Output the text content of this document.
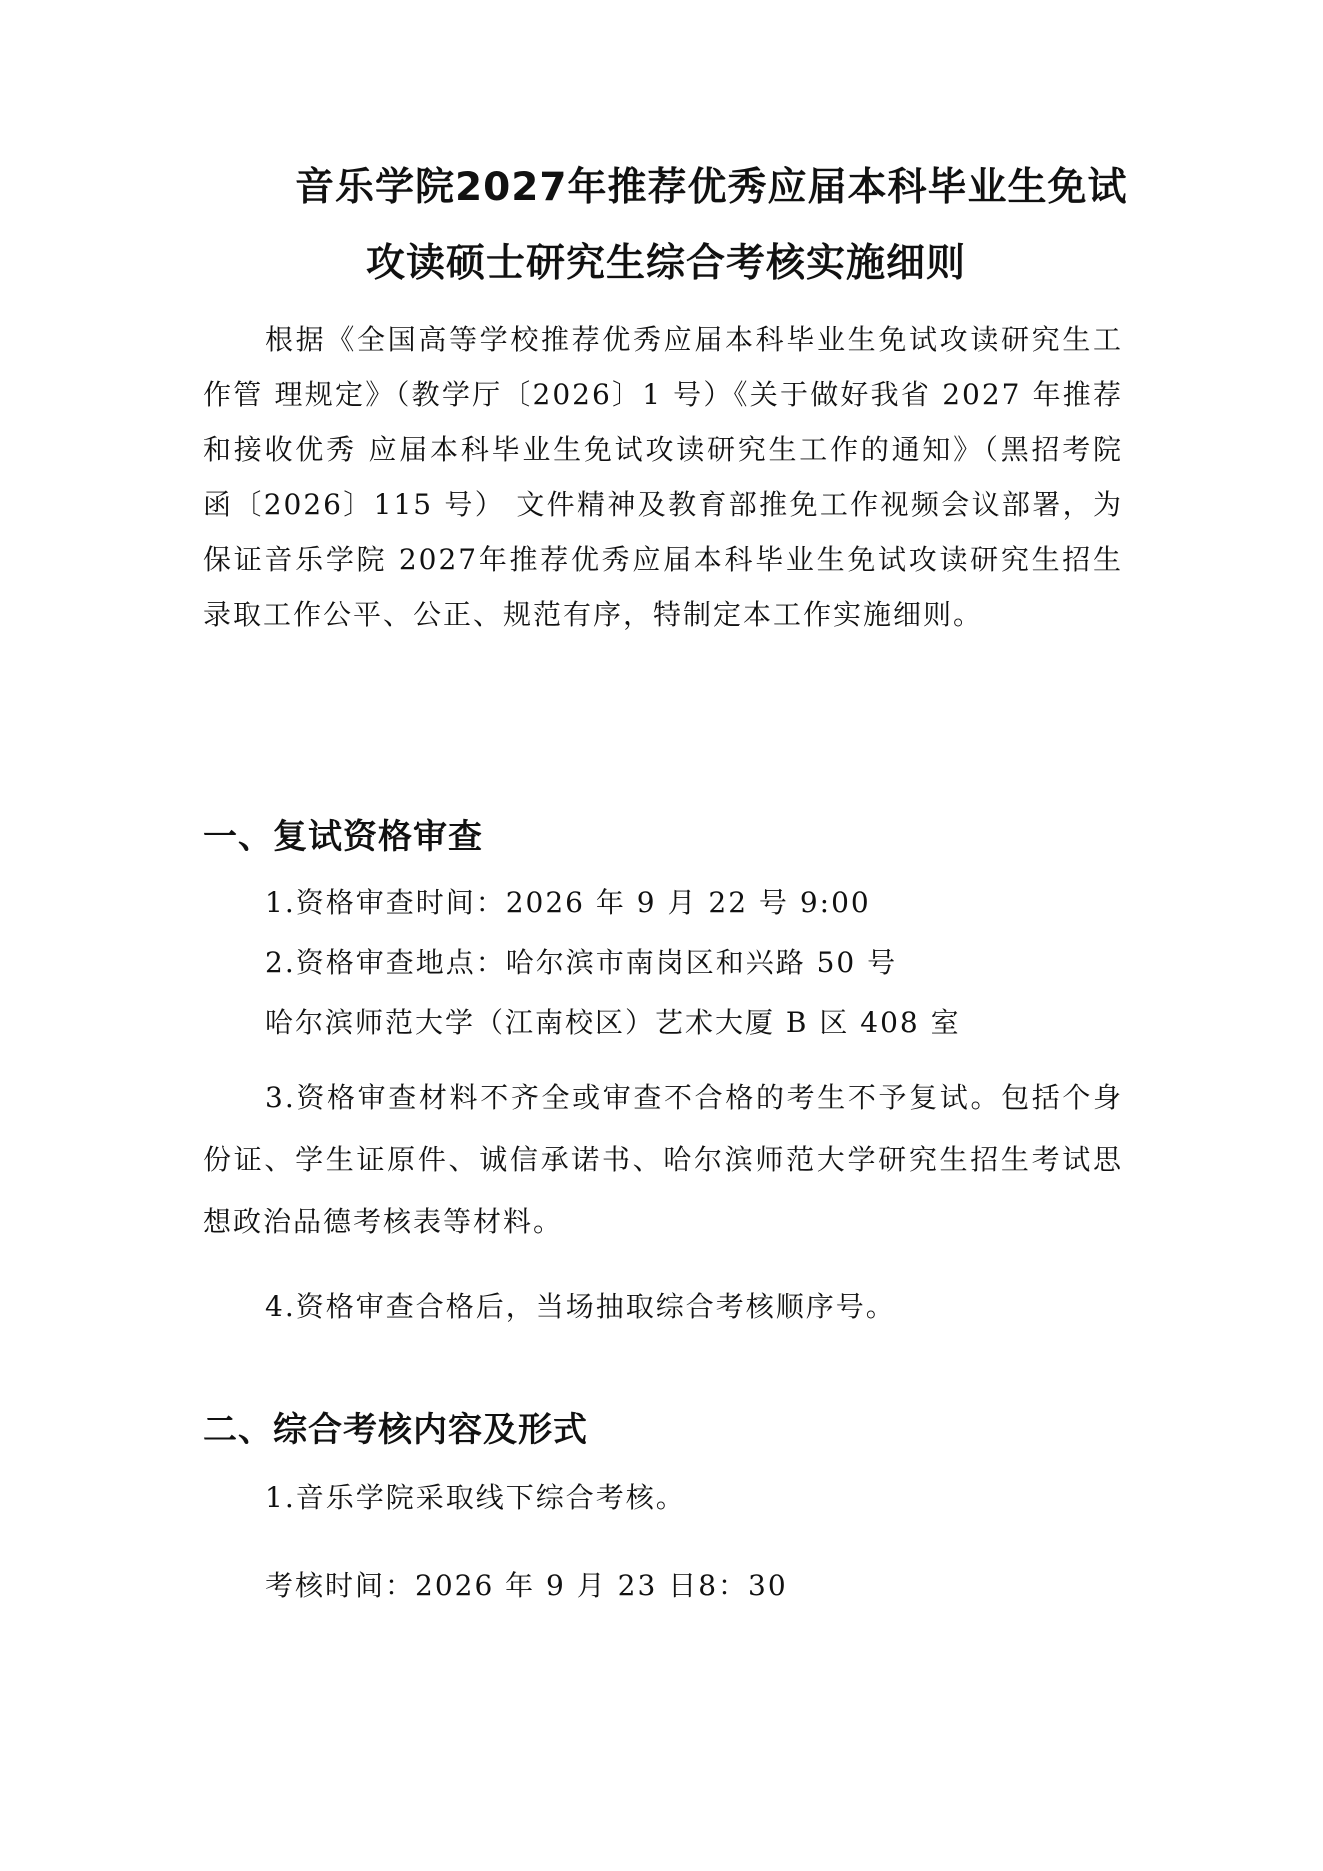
音乐学院2027年推荐优秀应届本科毕业生免试
攻读硕士研究生综合考核实施细则

根据《全国高等学校推荐优秀应届本科毕业生免试攻读研究生工作管 理规定》（教学厅〔2026〕1 号）《关于做好我省 2027 年推荐和接收优秀 应届本科毕业生免试攻读研究生工作的通知》（黑招考院函〔2026〕115 号） 文件精神及教育部推免工作视频会议部署，为保证音乐学院 2027年推荐优秀应届本科毕业生免试攻读研究生招生录取工作公平、公正、规范有序，特制定本工作实施细则。

一、复试资格审查

1.资格审查时间：2026 年 9 月 22 号 9:00

2.资格审查地点：哈尔滨市南岗区和兴路 50 号

哈尔滨师范大学（江南校区）艺术大厦 B 区 408 室

3.资格审查材料不齐全或审查不合格的考生不予复试。包括个身份证、学生证原件、诚信承诺书、哈尔滨师范大学研究生招生考试思想政治品德考核表等材料。

4.资格审查合格后，当场抽取综合考核顺序号。

二、综合考核内容及形式

1.音乐学院采取线下综合考核。

考核时间：2026 年 9 月 23 日8：30
